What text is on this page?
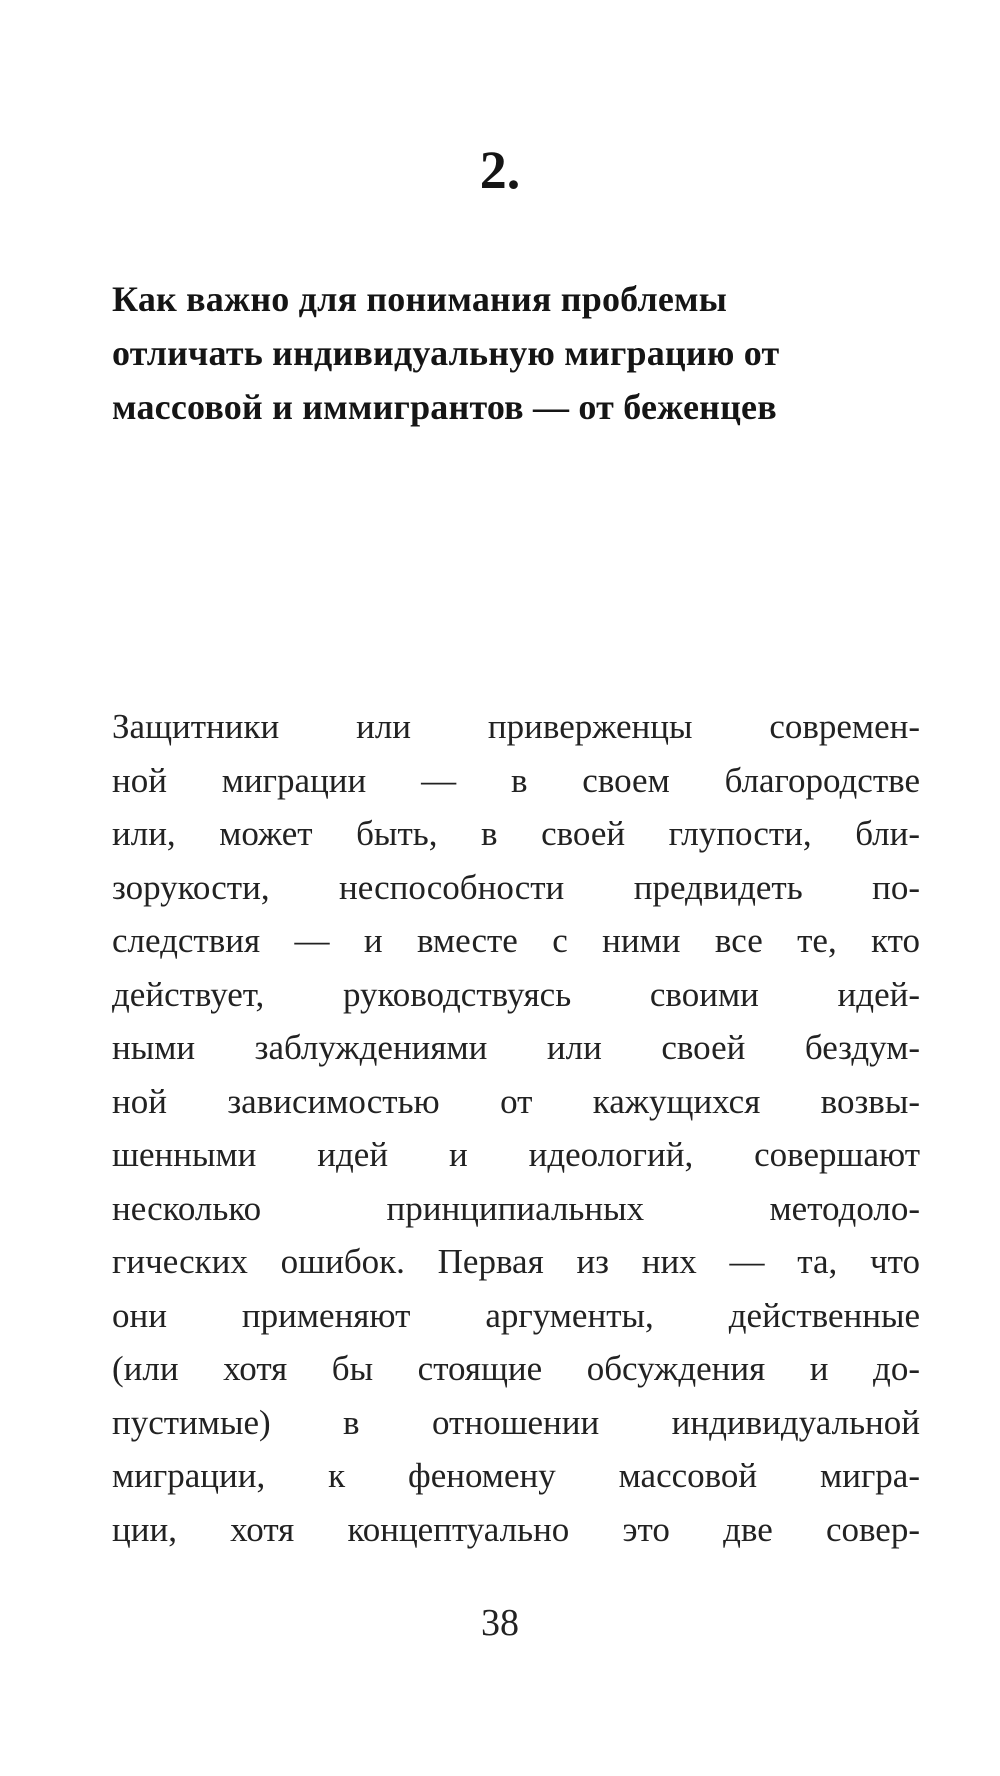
2.
Как важно для понимания проблемы
отличать индивидуальную миграцию от
массовой и иммигрантов — от беженцев
Защитники или приверженцы современ-
ной миграции — в своем благородстве
или, может быть, в своей глупости, бли-
зорукости, неспособности предвидеть по-
следствия — и вместе с ними все те, кто
действует, руководствуясь своими идей-
ными заблуждениями или своей бездум-
ной зависимостью от кажущихся возвы-
шенными идей и идеологий, совершают
несколько принципиальных методоло-
гических ошибок. Первая из них — та, что
они применяют аргументы, действенные
(или хотя бы стоящие обсуждения и до-
пустимые) в отношении индивидуальной
миграции, к феномену массовой мигра-
ции, хотя концептуально это две совер-
38
